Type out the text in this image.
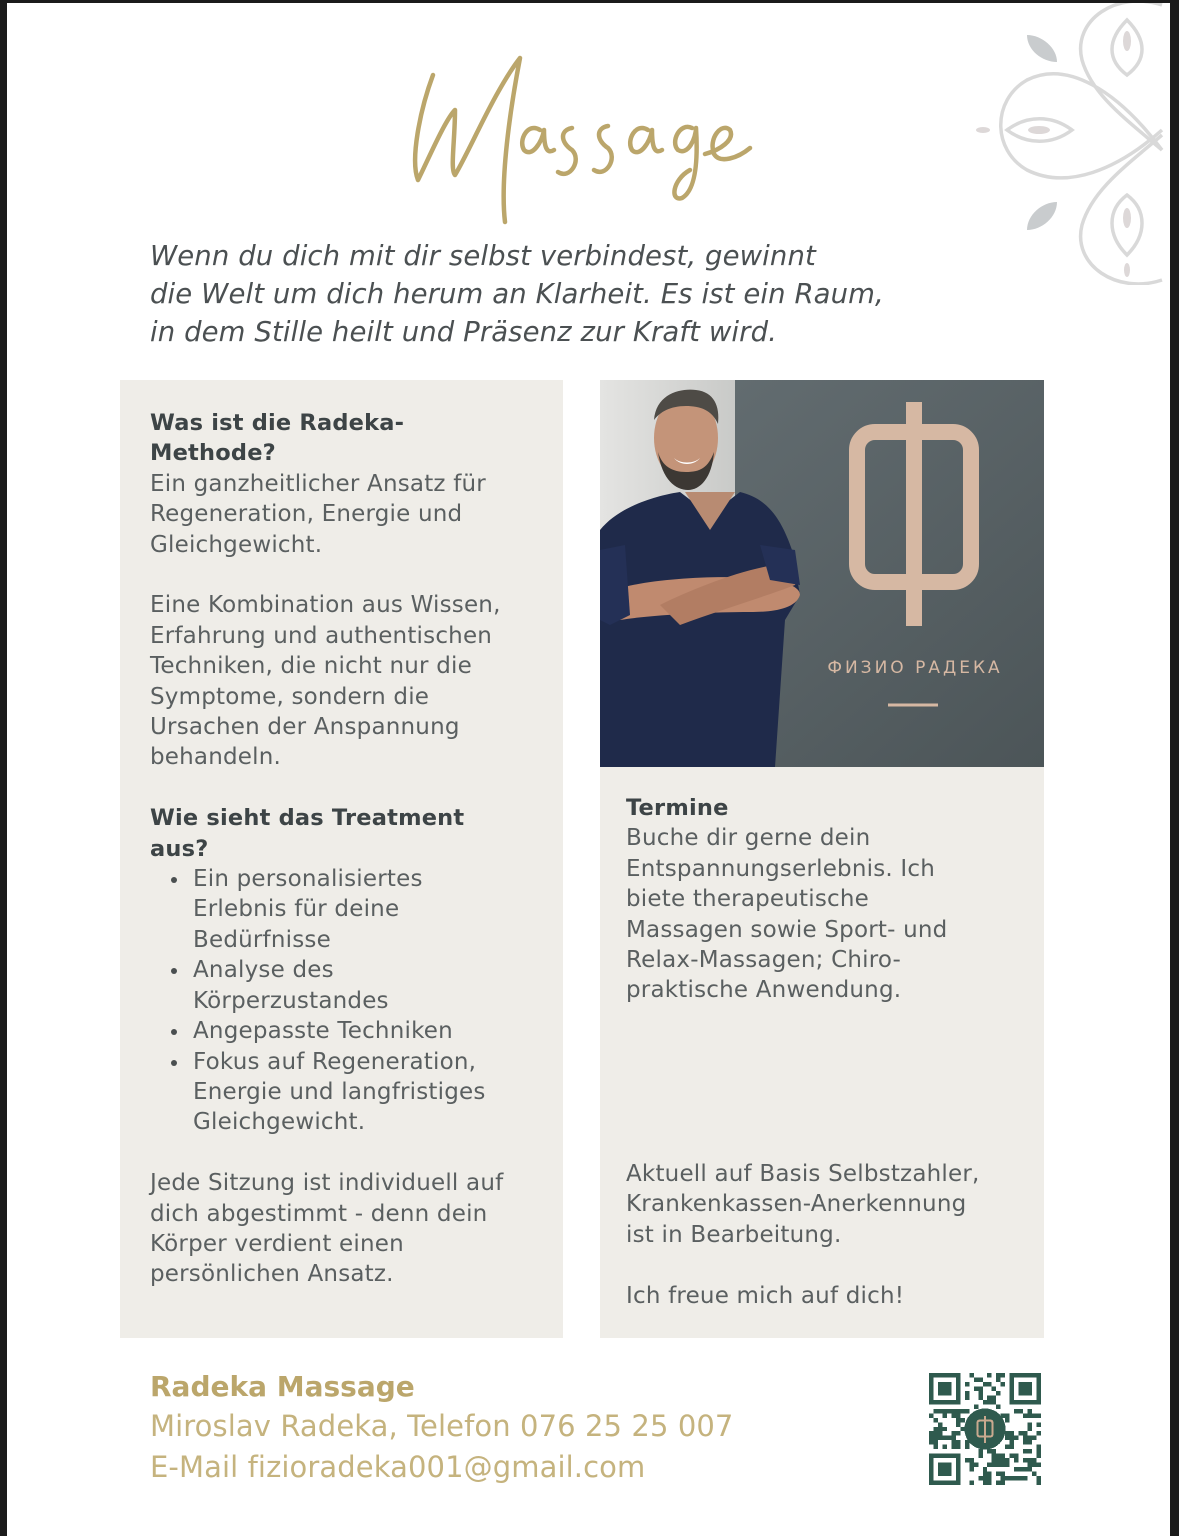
Wenn du dich mit dir selbst verbindest, gewinnt
die Welt um dich herum an Klarheit. Es ist ein Raum,
in dem Stille heilt und Präsenz zur Kraft wird.
Was ist die Radeka-
Methode?
Ein ganzheitlicher Ansatz für
Regeneration, Energie und
Gleichgewicht.
Eine Kombination aus Wissen,
Erfahrung und authentischen
Techniken, die nicht nur die
Symptome, sondern die
Ursachen der Anspannung
behandeln.
Wie sieht das Treatment
aus?
Ein personalisiertes
Erlebnis für deine
Bedürfnisse
Analyse des
Körperzustandes
Angepasste Techniken
Fokus auf Regeneration,
Energie und langfristiges
Gleichgewicht.
Jede Sitzung ist individuell auf
dich abgestimmt - denn dein
Körper verdient einen
persönlichen Ansatz.
ФИЗИО РАДЕКА
Termine
Buche dir gerne dein
Entspannungserlebnis. Ich
biete therapeutische
Massagen sowie Sport- und
Relax-Massagen; Chiro-
praktische Anwendung.
Aktuell auf Basis Selbstzahler,
Krankenkassen-Anerkennung
ist in Bearbeitung.
Ich freue mich auf dich!
Radeka Massage
Miroslav Radeka, Telefon 076 25 25 007
E-Mail fizioradeka001@gmail.com
